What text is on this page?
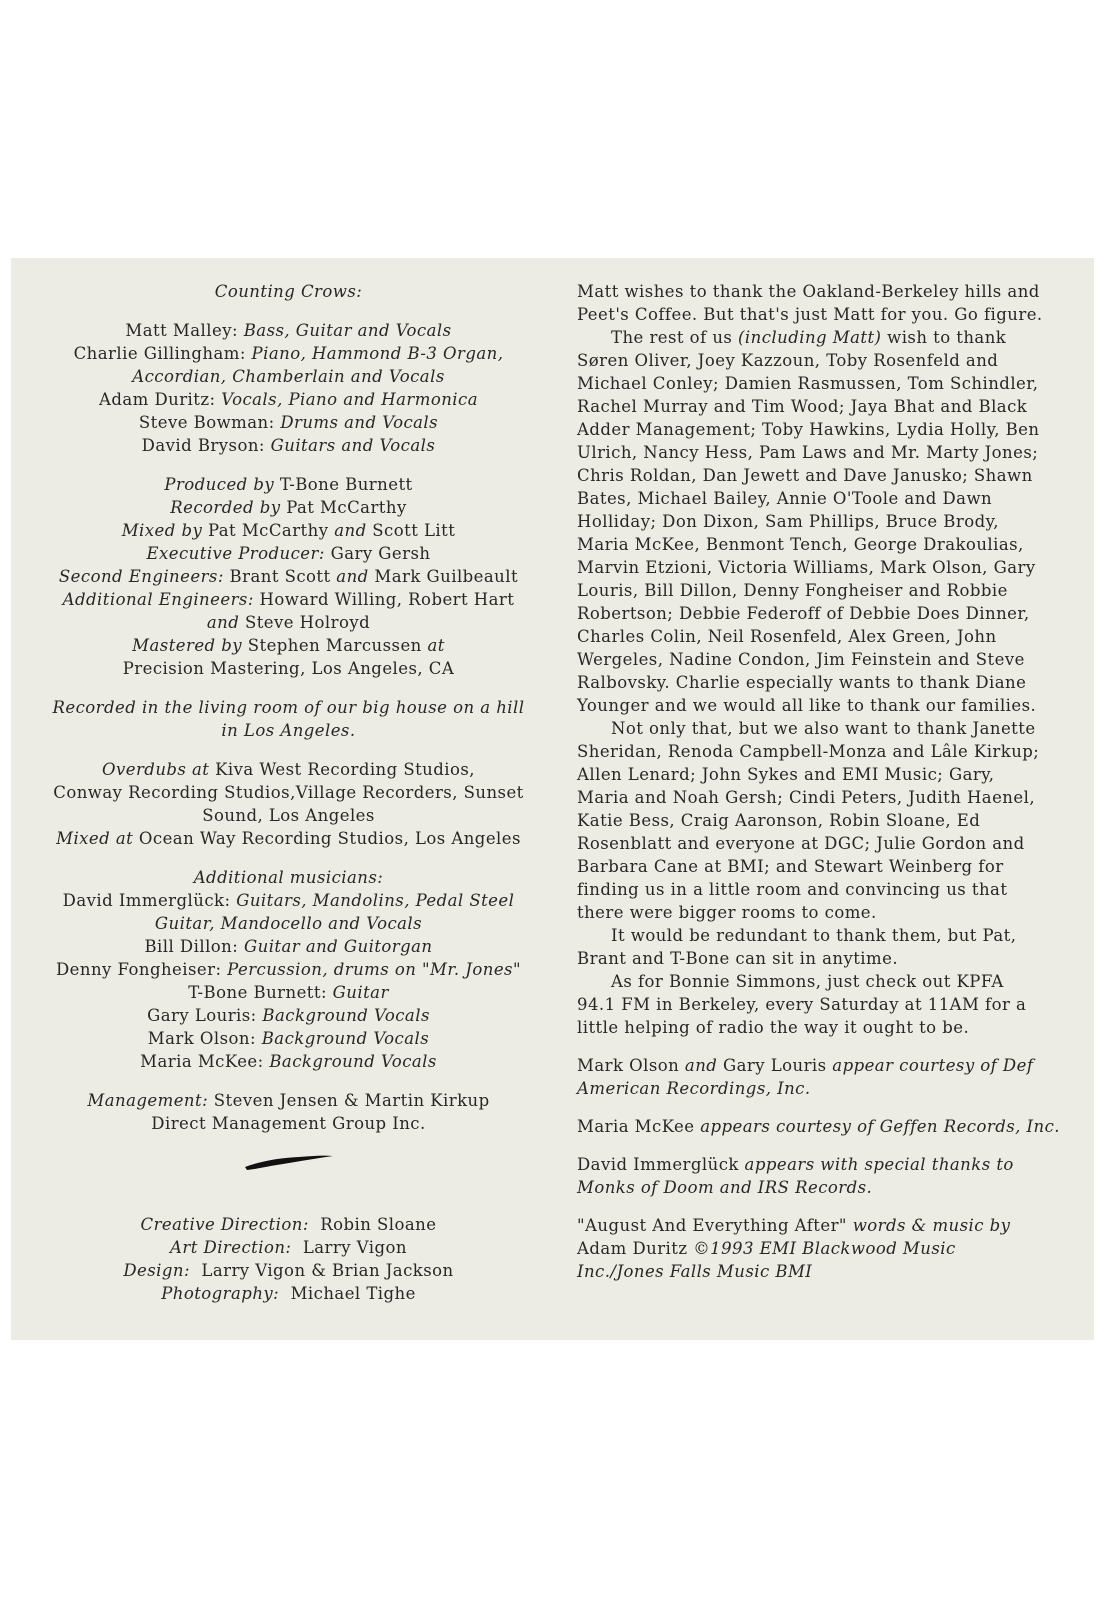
Counting Crows:
Matt Malley: Bass, Guitar and Vocals
Charlie Gillingham: Piano, Hammond B-3 Organ,
Accordian, Chamberlain and Vocals
Adam Duritz: Vocals, Piano and Harmonica
Steve Bowman: Drums and Vocals
David Bryson: Guitars and Vocals
Produced by T-Bone Burnett
Recorded by Pat McCarthy
Mixed by Pat McCarthy and Scott Litt
Executive Producer: Gary Gersh
Second Engineers: Brant Scott and Mark Guilbeault
Additional Engineers: Howard Willing, Robert Hart
and Steve Holroyd
Mastered by Stephen Marcussen at
Precision Mastering, Los Angeles, CA
Recorded in the living room of our big house on a hill
in Los Angeles.
Overdubs at Kiva West Recording Studios,
Conway Recording Studios,Village Recorders, Sunset
Sound, Los Angeles
Mixed at Ocean Way Recording Studios, Los Angeles
Additional musicians:
David Immerglück: Guitars, Mandolins, Pedal Steel
Guitar, Mandocello and Vocals
Bill Dillon: Guitar and Guitorgan
Denny Fongheiser: Percussion, drums on "Mr. Jones"
T-Bone Burnett: Guitar
Gary Louris: Background Vocals
Mark Olson: Background Vocals
Maria McKee: Background Vocals
Management: Steven Jensen & Martin Kirkup
Direct Management Group Inc.
Creative Direction: Robin Sloane
Art Direction: Larry Vigon
Design: Larry Vigon & Brian Jackson
Photography: Michael Tighe
Matt wishes to thank the Oakland-Berkeley hills and
Peet's Coffee. But that's just Matt for you. Go figure.
The rest of us (including Matt) wish to thank
Søren Oliver, Joey Kazzoun, Toby Rosenfeld and
Michael Conley; Damien Rasmussen, Tom Schindler,
Rachel Murray and Tim Wood; Jaya Bhat and Black
Adder Management; Toby Hawkins, Lydia Holly, Ben
Ulrich, Nancy Hess, Pam Laws and Mr. Marty Jones;
Chris Roldan, Dan Jewett and Dave Janusko; Shawn
Bates, Michael Bailey, Annie O'Toole and Dawn
Holliday; Don Dixon, Sam Phillips, Bruce Brody,
Maria McKee, Benmont Tench, George Drakoulias,
Marvin Etzioni, Victoria Williams, Mark Olson, Gary
Louris, Bill Dillon, Denny Fongheiser and Robbie
Robertson; Debbie Federoff of Debbie Does Dinner,
Charles Colin, Neil Rosenfeld, Alex Green, John
Wergeles, Nadine Condon, Jim Feinstein and Steve
Ralbovsky. Charlie especially wants to thank Diane
Younger and we would all like to thank our families.
Not only that, but we also want to thank Janette
Sheridan, Renoda Campbell-Monza and Lâle Kirkup;
Allen Lenard; John Sykes and EMI Music; Gary,
Maria and Noah Gersh; Cindi Peters, Judith Haenel,
Katie Bess, Craig Aaronson, Robin Sloane, Ed
Rosenblatt and everyone at DGC; Julie Gordon and
Barbara Cane at BMI; and Stewart Weinberg for
finding us in a little room and convincing us that
there were bigger rooms to come.
It would be redundant to thank them, but Pat,
Brant and T-Bone can sit in anytime.
As for Bonnie Simmons, just check out KPFA
94.1 FM in Berkeley, every Saturday at 11AM for a
little helping of radio the way it ought to be.
Mark Olson and Gary Louris appear courtesy of Def
American Recordings, Inc.
Maria McKee appears courtesy of Geffen Records, Inc.
David Immerglück appears with special thanks to
Monks of Doom and IRS Records.
"August And Everything After" words & music by
Adam Duritz ©1993 EMI Blackwood Music
Inc./Jones Falls Music BMI
